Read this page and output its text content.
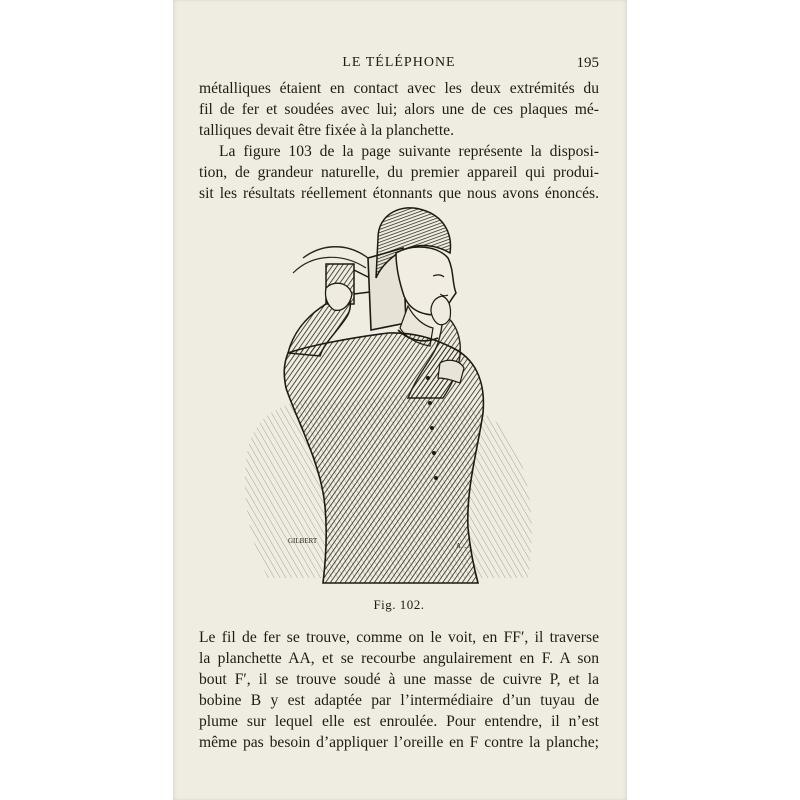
LE TÉLÉPHONE	195
métalliques étaient en contact avec les deux extrémités du
fil de fer et soudées avec lui; alors une de ces plaques mé-
talliques devait être fixée à la planchette.
La figure 103 de la page suivante représente la disposi-
tion, de grandeur naturelle, du premier appareil qui produi-
sit les résultats réellement étonnants que nous avons énoncés.
GILBERT
A. ...
Fig. 102.
Le fil de fer se trouve, comme on le voit, en FF′, il traverse
la planchette AA, et se recourbe angulairement en F. A son
bout F′, il se trouve soudé à une masse de cuivre P, et la
bobine B y est adaptée par l’intermédiaire d’un tuyau de
plume sur lequel elle est enroulée. Pour entendre, il n’est
même pas besoin d’appliquer l’oreille en F contre la planche;
